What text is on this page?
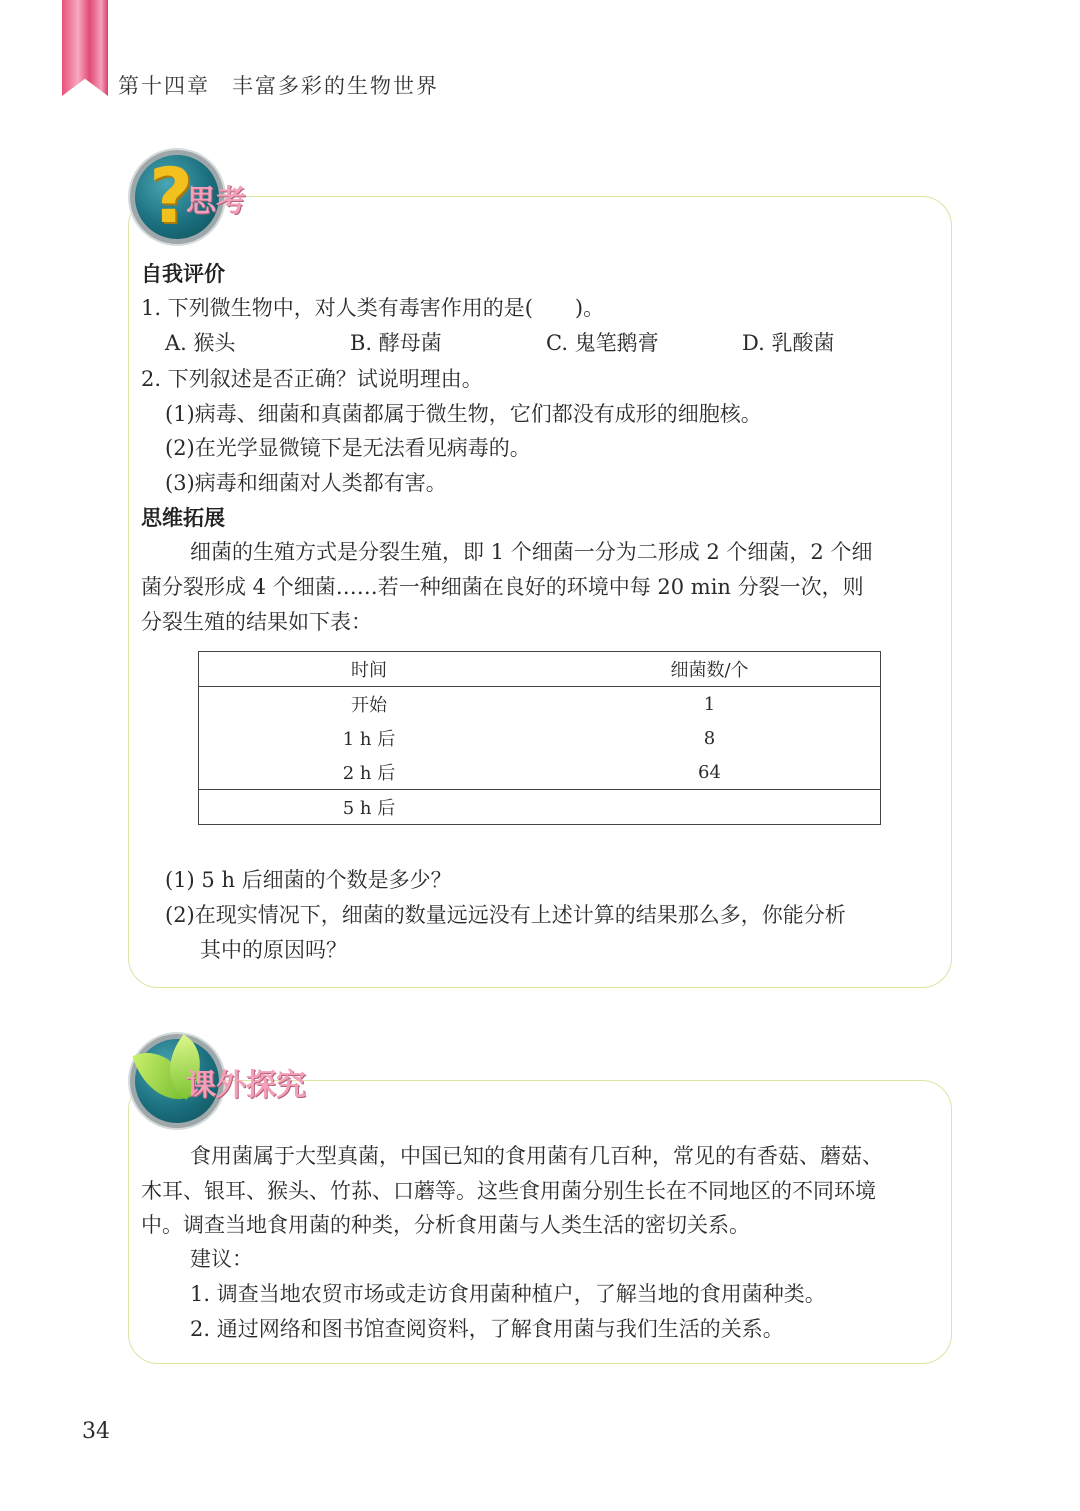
第十四章 丰富多彩的生物世界
?
思考
自我评价
1. 下列微生物中，对人类有毒害作用的是(　　)。
A. 猴头	B. 酵母菌	C. 鬼笔鹅膏	D. 乳酸菌
2. 下列叙述是否正确？试说明理由。
(1)病毒、细菌和真菌都属于微生物，它们都没有成形的细胞核。
(2)在光学显微镜下是无法看见病毒的。
(3)病毒和细菌对人类都有害。
思维拓展
细菌的生殖方式是分裂生殖，即 1 个细菌一分为二形成 2 个细菌，2 个细
菌分裂形成 4 个细菌……若一种细菌在良好的环境中每 20 min 分裂一次，则
分裂生殖的结果如下表：
时间	细菌数/个
开始	1
1 h 后	8
2 h 后	64
5 h 后	
(1) 5 h 后细菌的个数是多少？
(2)在现实情况下，细菌的数量远远没有上述计算的结果那么多，你能分析
其中的原因吗？
课外探究
食用菌属于大型真菌，中国已知的食用菌有几百种，常见的有香菇、蘑菇、
木耳、银耳、猴头、竹荪、口蘑等。这些食用菌分别生长在不同地区的不同环境
中。调查当地食用菌的种类，分析食用菌与人类生活的密切关系。
建议：
1. 调查当地农贸市场或走访食用菌种植户，了解当地的食用菌种类。
2. 通过网络和图书馆查阅资料，了解食用菌与我们生活的关系。
34
